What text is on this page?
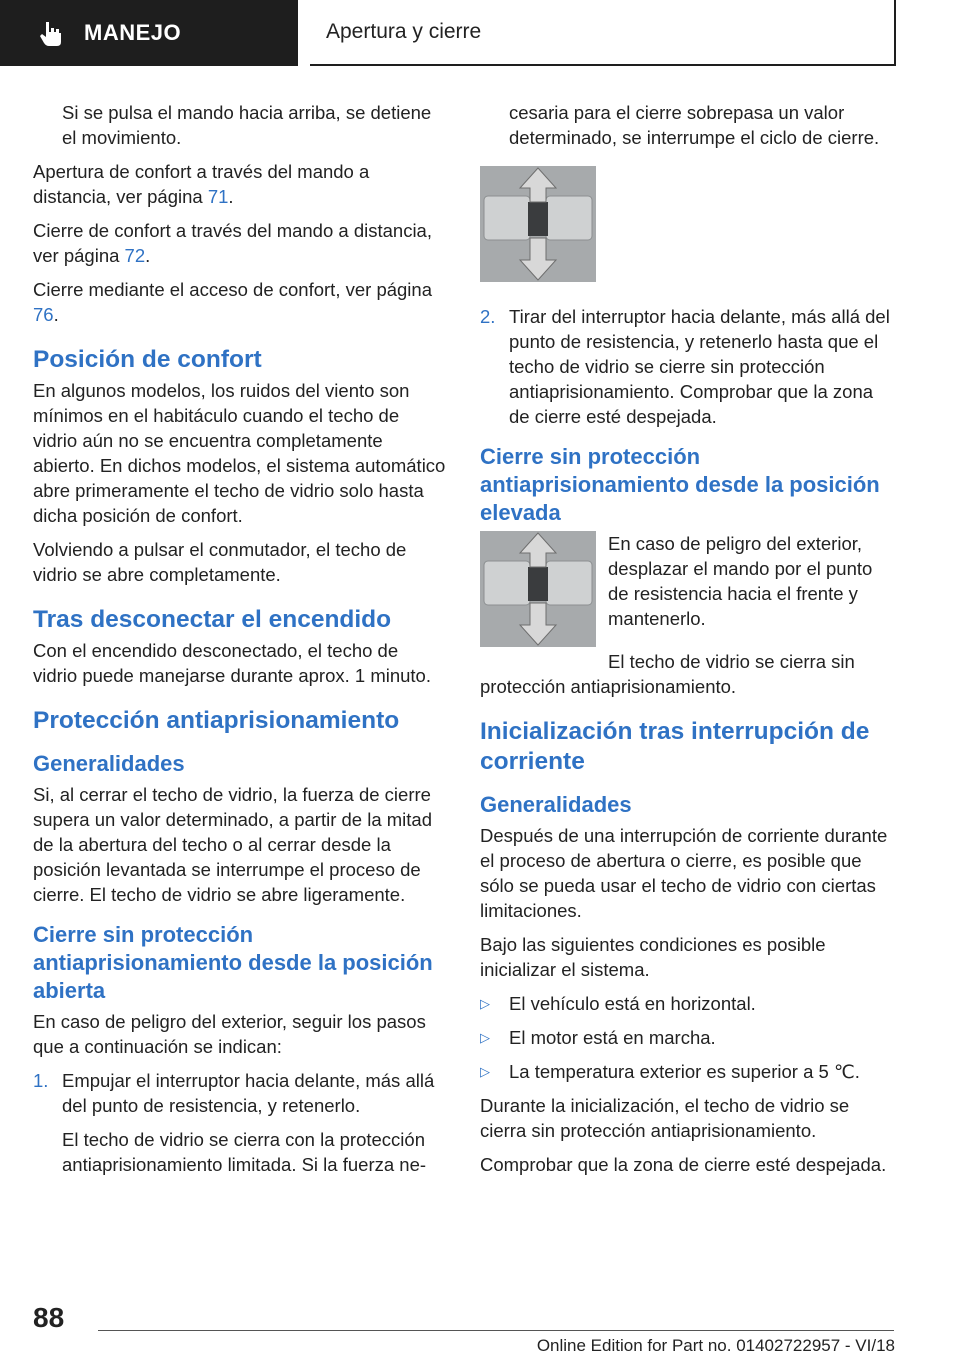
MANEJO	Apertura y cierre

Si se pulsa el mando hacia arriba, se detiene el movimiento.

Apertura de confort a través del mando a distancia, ver página 71.

Cierre de confort a través del mando a distancia, ver página 72.

Cierre mediante el acceso de confort, ver página 76.

Posición de confort

En algunos modelos, los ruidos del viento son mínimos en el habitáculo cuando el techo de vidrio aún no se encuentra completamente abierto. En dichos modelos, el sistema automático abre primeramente el techo de vidrio solo hasta dicha posición de confort.

Volviendo a pulsar el conmutador, el techo de vidrio se abre completamente.

Tras desconectar el encendido

Con el encendido desconectado, el techo de vidrio puede manejarse durante aprox. 1 minuto.

Protección antiaprisionamiento
Generalidades

Si, al cerrar el techo de vidrio, la fuerza de cierre supera un valor determinado, a partir de la mitad de la abertura del techo o al cerrar desde la posición levantada se interrumpe el proceso de cierre. El techo de vidrio se abre ligeramente.

Cierre sin protección antiaprisionamiento desde la posición abierta

En caso de peligro del exterior, seguir los pasos que a continuación se indican:

1. Empujar el interruptor hacia delante, más allá del punto de resistencia, y retenerlo.

El techo de vidrio se cierra con la protección antiaprisionamiento limitada. Si la fuerza ne-

cesaria para el cierre sobrepasa un valor determinado, se interrumpe el ciclo de cierre.

2. Tirar del interruptor hacia delante, más allá del punto de resistencia, y retenerlo hasta que el techo de vidrio se cierre sin protección antiaprisionamiento. Comprobar que la zona de cierre esté despejada.
Cierre sin protección antiaprisionamiento desde la posición elevada

En caso de peligro del exterior, desplazar el mando por el punto de resistencia hacia el frente y mantenerlo.

El techo de vidrio se cierra sin protección antiaprisionamiento.

Inicialización tras interrupción de corriente
Generalidades

Después de una interrupción de corriente durante el proceso de abertura o cierre, es posible que sólo se pueda usar el techo de vidrio con ciertas limitaciones.

Bajo las siguientes condiciones es posible inicializar el sistema.

▷	El vehículo está en horizontal.
▷	El motor está en marcha.
▷	La temperatura exterior es superior a 5 ℃.

Durante la inicialización, el techo de vidrio se cierra sin protección antiaprisionamiento.

Comprobar que la zona de cierre esté despejada.

88
Online Edition for Part no. 01402722957 - VI/18
